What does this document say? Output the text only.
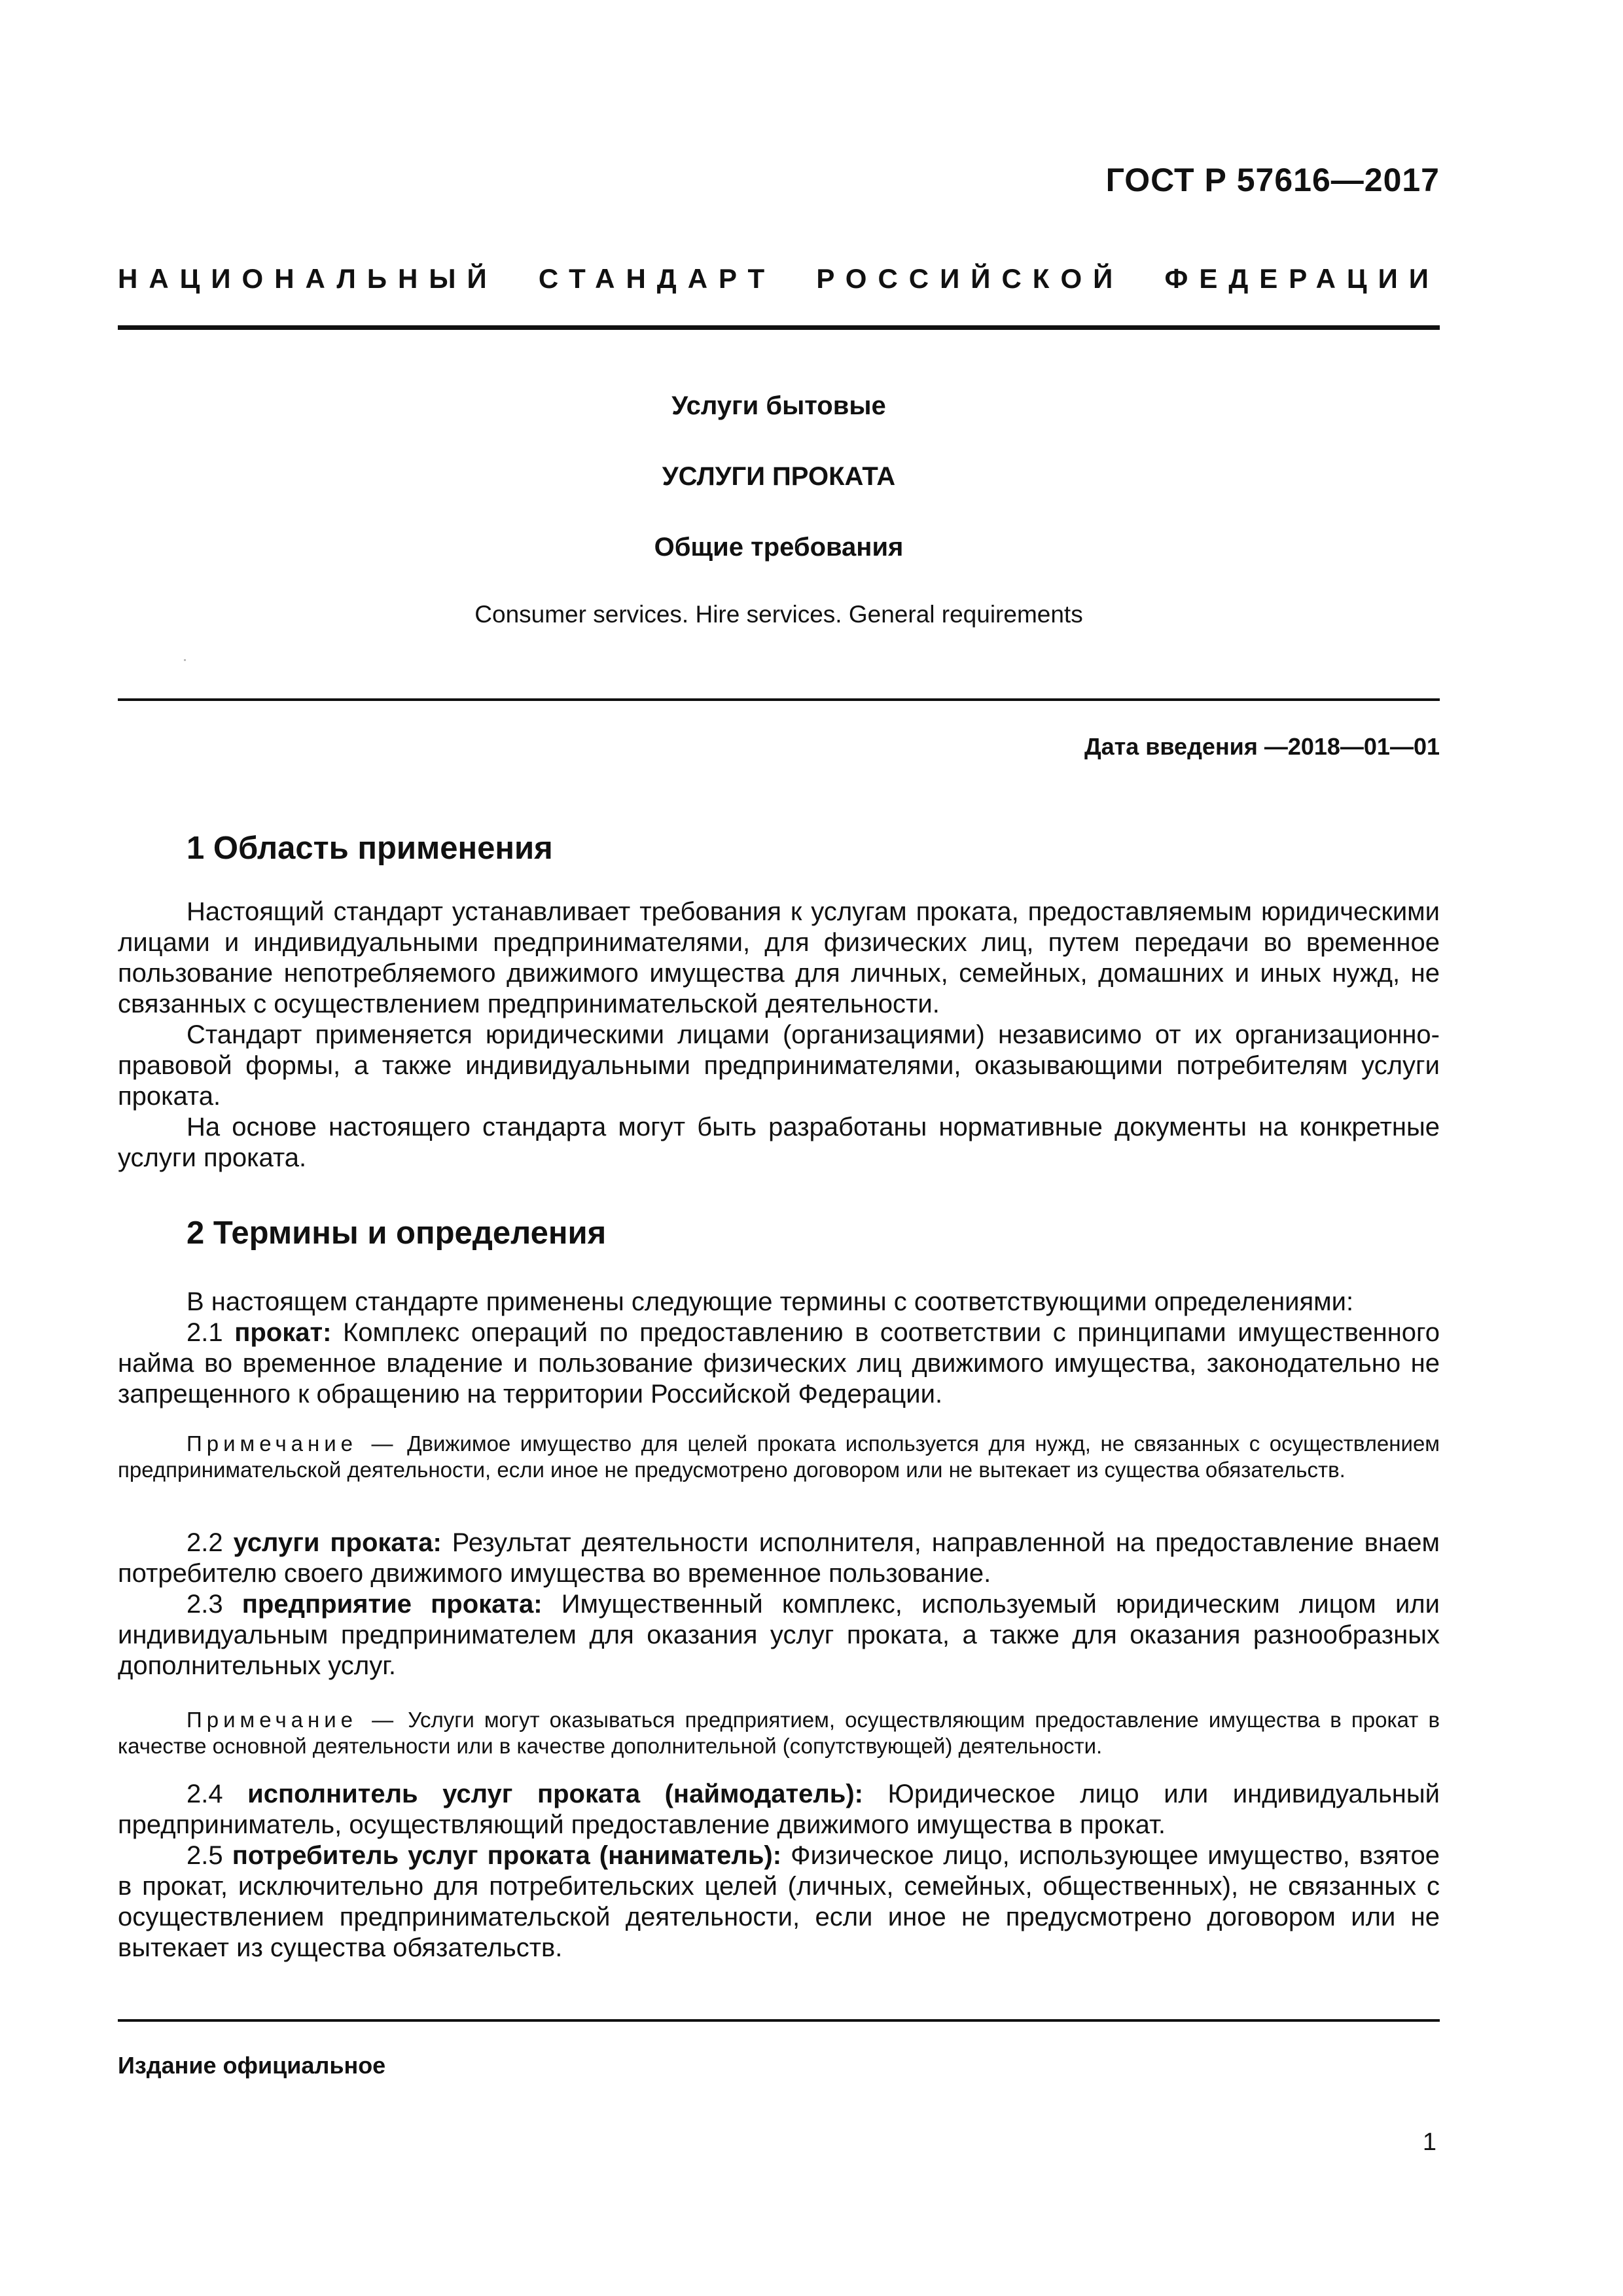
ГОСТ Р 57616—2017
НАЦИОНАЛЬНЫЙ СТАНДАРТ РОССИЙСКОЙ ФЕДЕРАЦИИ
Услуги бытовые
УСЛУГИ ПРОКАТА
Общие требования
Consumer services. Hire services. General requirements
Дата введения —2018—01—01
1 Область применения

Настоящий стандарт устанавливает требования к услугам проката, предоставляемым юридическими лицами и индивидуальными предпринимателями, для физических лиц, путем передачи во временное пользование непотребляемого движимого имущества для личных, семейных, домашних и иных нужд, не связанных с осуществлением предпринимательской деятельности.

Стандарт применяется юридическими лицами (организациями) независимо от их организационно-правовой формы, а также индивидуальными предпринимателями, оказывающими потребителям услуги проката.

На основе настоящего стандарта могут быть разработаны нормативные документы на конкретные услуги проката.

2 Термины и определения

В настоящем стандарте применены следующие термины с соответствующими определениями:

2.1 прокат: Комплекс операций по предоставлению в соответствии с принципами имущественного найма во временное владение и пользование физических лиц движимого имущества, законодательно не запрещенного к обращению на территории Российской Федерации.

Примечание — Движимое имущество для целей проката используется для нужд, не связанных с осуществлением предпринимательской деятельности, если иное не предусмотрено договором или не вытекает из существа обязательств.

2.2 услуги проката: Результат деятельности исполнителя, направленной на предоставление внаем потребителю своего движимого имущества во временное пользование.

2.3 предприятие проката: Имущественный комплекс, используемый юридическим лицом или индивидуальным предпринимателем для оказания услуг проката, а также для оказания разнообразных дополнительных услуг.

Примечание — Услуги могут оказываться предприятием, осуществляющим предоставление имущества в прокат в качестве основной деятельности или в качестве дополнительной (сопутствующей) деятельности.

2.4 исполнитель услуг проката (наймодатель): Юридическое лицо или индивидуальный предприниматель, осуществляющий предоставление движимого имущества в прокат.

2.5 потребитель услуг проката (наниматель): Физическое лицо, использующее имущество, взятое в прокат, исключительно для потребительских целей (личных, семейных, общественных), не связанных с осуществлением предпринимательской деятельности, если иное не предусмотрено договором или не вытекает из существа обязательств.

Издание официальное
1
